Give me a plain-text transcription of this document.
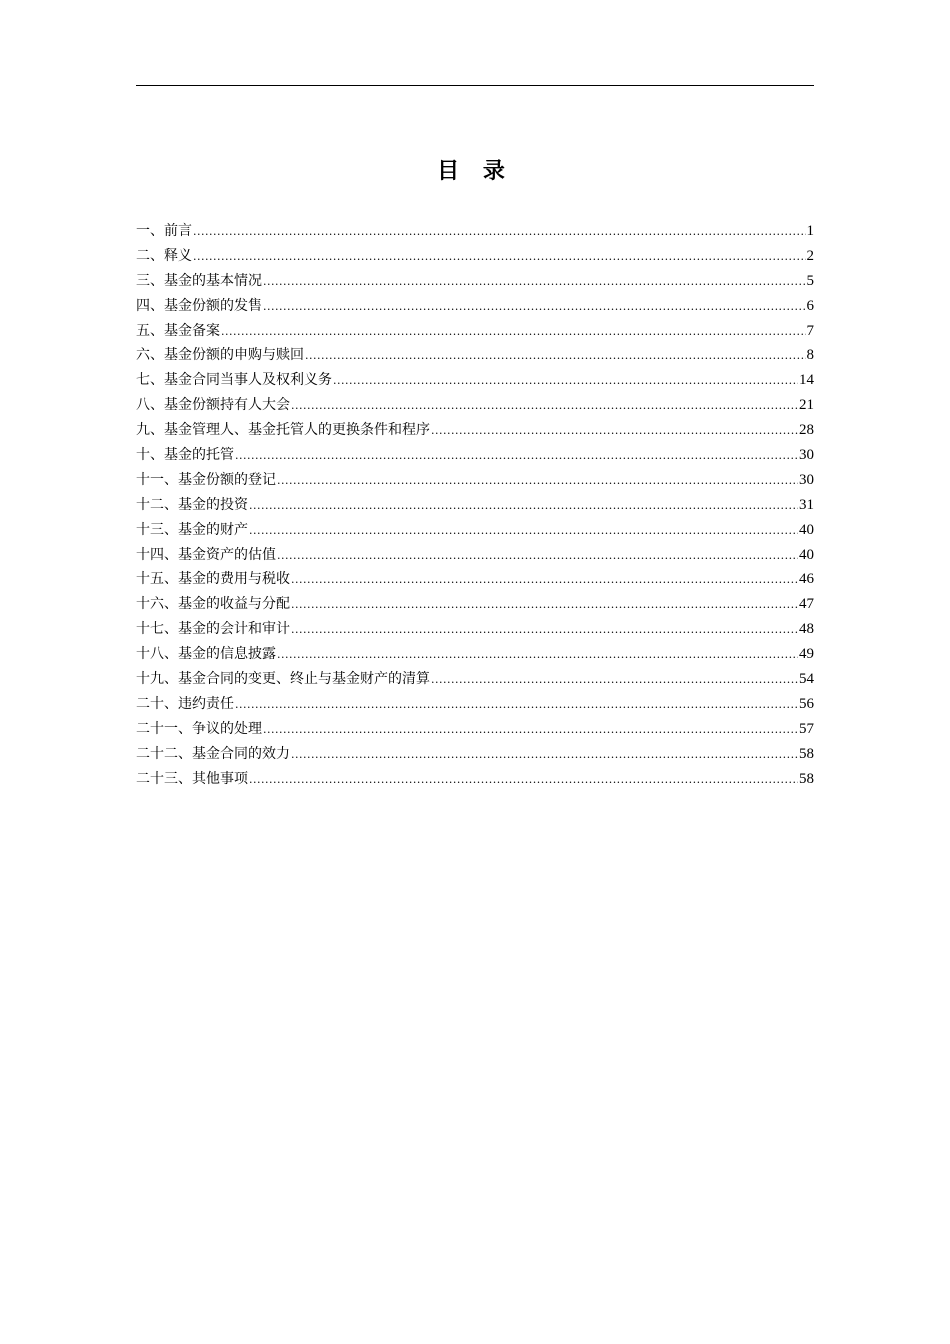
目 录
一、前言 .....	1
二、释义 .....	2
三、基金的基本情况 .....	5
四、基金份额的发售 .....	6
五、基金备案 .....	7
六、基金份额的申购与赎回 .....	8
七、基金合同当事人及权利义务 .....	14
八、基金份额持有人大会 .....	21
九、基金管理人、基金托管人的更换条件和程序 .....	28
十、基金的托管 .....	30
十一、基金份额的登记 .....	30
十二、基金的投资 .....	31
十三、基金的财产 .....	40
十四、基金资产的估值 .....	40
十五、基金的费用与税收 .....	46
十六、基金的收益与分配 .....	47
十七、基金的会计和审计 .....	48
十八、基金的信息披露 .....	49
十九、基金合同的变更、终止与基金财产的清算 .....	54
二十、违约责任 .....	56
二十一、争议的处理 .....	57
二十二、基金合同的效力 .....	58
二十三、其他事项 .....	58
